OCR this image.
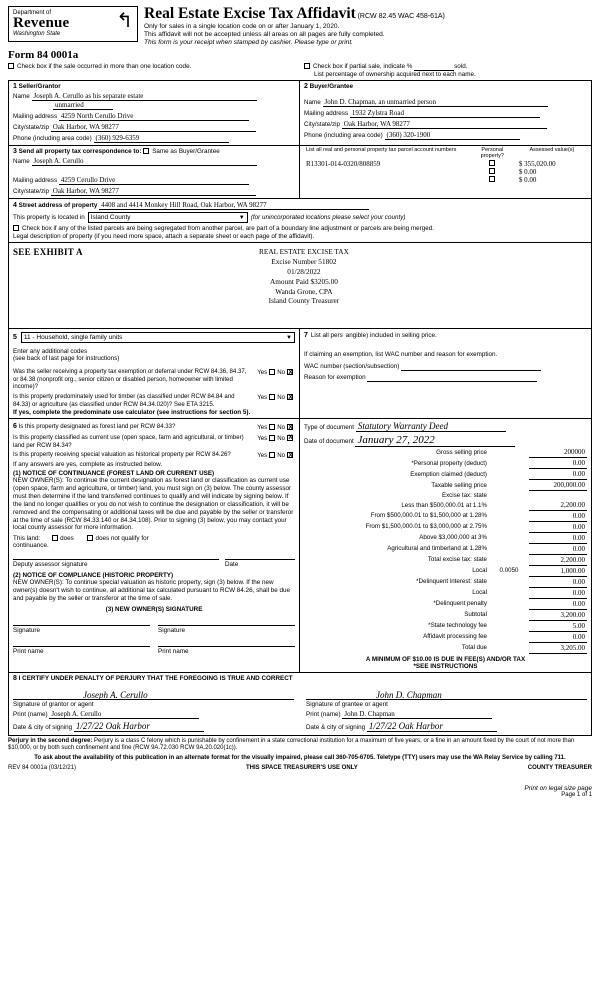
Department of
Revenue
Washington State
↰ Real Estate Excise Tax Affidavit (RCW 82.45 WAC 458-61A)
Only for sales in a single location code on or after January 1, 2020.
This affidavit will not be accepted unless all areas on all pages are fully completed.
This form is your receipt when stamped by cashier. Please type or print.
Form 84 0001a
Check box if the sale occurred in more than one location code.	Check box if partial sale, indicate %	sold.
List percentage of ownership acquired next to each name.
1 Seller/Grantor
Name Joseph A. Cerullo as his separate estate
unmarried
Mailing address 4259 North Cerullo Drive
City/state/zip Oak Harbor, WA 98277
Phone (including area code) (360) 929-6359
2 Buyer/Grantee
Name John D. Chapman, an unmarried person
Mailing address 1932 Zylstra Road
City/state/zip Oak Harbor, WA 98277
Phone (including area code) (360) 320-1900
3 Send all property tax correspondence to: Same as Buyer/Grantee
Name Joseph A. Cerullo
Mailing address 4259 Cerullo Drive
City/state/zip Oak Harbor, WA 98277
List all real and personal property tax parcel account numbers	Personal property?	Assessed value(s)
R13301-014-0320/808859		$ 355,020.00
		$ 0.00
		$ 0.00
4 Street address of property 4408 and 4414 Monkey Hill Road, Oak Harbor, WA 98277
This property is located in Island County	▼ (for unincorporated locations please select your county)
Check box if any of the listed parcels are being segregated from another parcel, are part of a boundary line adjustment or parcels are being merged.
Legal description of property (if you need more space, attach a separate sheet or each page of the affidavit).
SEE EXHIBIT A	REAL ESTATE EXCISE TAX
Excise Number 51802
01/28/2022
Amount Paid $3205.00
Wanda Grone, CPA
Island County Treasurer
5 11 - Household, single family units	▼
Enter any additional codes
(see back of last page for instructions)
Was the seller receiving a property tax exemption or deferral under RCW 84.36, 84.37, or 84.38 (nonprofit org., senior citizen or disabled person, homeowner with limited income)?
Yes NoX
Is this property predominately used for timber (as classified under RCW 84.84 and 84.33) or agriculture (as classified under RCW 84.34.020)? See ETA 3215.
Yes NoX
If yes, complete the predominate use calculator (see instructions for section 5).
7 List all pers angible) included in selling price.
If claiming an exemption, list WAC number and reason for exemption.
WAC number (section/subsection)
Reason for exemption
6 Is this property designated as forest land per RCW 84.33?	Yes NoX
Is this property classified as current use (open space, farm and agricultural, or timber) land per RCW 84.34?
Yes NoX
Is this property receiving special valuation as historical property per RCW 84.26?	Yes NoX
If any answers are yes, complete as instructed below.
(1) NOTICE OF CONTINUANCE (FOREST LAND OR CURRENT USE)
NEW OWNER(S): To continue the current designation as forest land or classification as current use (open space, farm and agriculture, or timber) land, you must sign on (3) below. The county assessor must then determine if the land transferred continues to qualify and will indicate by signing below. If the land no longer qualifies or you do not wish to continue the designation or classification, it will be removed and the compensating or additional taxes will be due and payable by the seller or transferor at the time of sale (RCW 84.33.140 or 84.34.108). Prior to signing (3) below, you may contact your local county assessor for more information.
This land:	does	does not qualify for
continuance.
Deputy assessor signature	Date
(2) NOTICE OF COMPLIANCE (HISTORIC PROPERTY)
NEW OWNER(S): To continue special valuation as historic property, sign (3) below. If the new owner(s) doesn't wish to continue, all additional tax calculated pursuant to RCW 84.26, shall be due and payable by the seller or transferor at the time of sale.
(3) NEW OWNER(S) SIGNATURE
Signature	Signature
Print name	Print name
Type of document Statutory Warranty Deed
Date of document January 27, 2022
Gross selling price		200000
*Personal property (deduct)		0.00
Exemption claimed (deduct)		0.00
Taxable selling price		200,000.00
Excise tax: state		
Less than $500,000.01 at 1.1%		2,200.00
From $500,000.01 to $1,500,000 at 1.28%		0.00
From $1,500,000.01 to $3,000,000 at 2.75%		0.00
Above $3,000,000 at 3%		0.00
Agricultural and timberland at 1.28%		0.00
Total excise tax: state		2,200.00
Local	0.0050	1,000.00
*Delinquent interest: state		0.00
Local		0.00
*Delinquent penalty		0.00
Subtotal		3,200.00
*State technology fee		5.00
Affidavit processing fee		0.00
Total due		3,205.00
A MINIMUM OF $10.00 IS DUE IN FEE(S) AND/OR TAX
*SEE INSTRUCTIONS
8 I CERTIFY UNDER PENALTY OF PERJURY THAT THE FOREGOING IS TRUE AND CORRECT
Joseph A. Cerullo
Signature of grantor or agent
Print (name) Joseph A. Cerullo
Date & city of signing 1/27/22 Oak Harbor
John D. Chapman
Signature of grantee or agent
Print (name) John D. Chapman
Date & city of signing 1/27/22 Oak Harbor
Perjury in the second degree: Perjury is a class C felony which is punishable by confinement in a state correctional institution for a maximum of five years, or a fine in an amount fixed by the court of not more than $10,000, or by both such confinement and fine (RCW 9A.72.030 RCW 9A.20.020(1c)).
To ask about the availability of this publication in an alternate format for the visually impaired, please call 360-705-6705. Teletype (TTY) users may use the WA Relay Service by calling 711.
REV 84 0001a (03/12/21)	THIS SPACE TREASURER'S USE ONLY	COUNTY TREASURER
Print on legal size page
Page 1 of 1
